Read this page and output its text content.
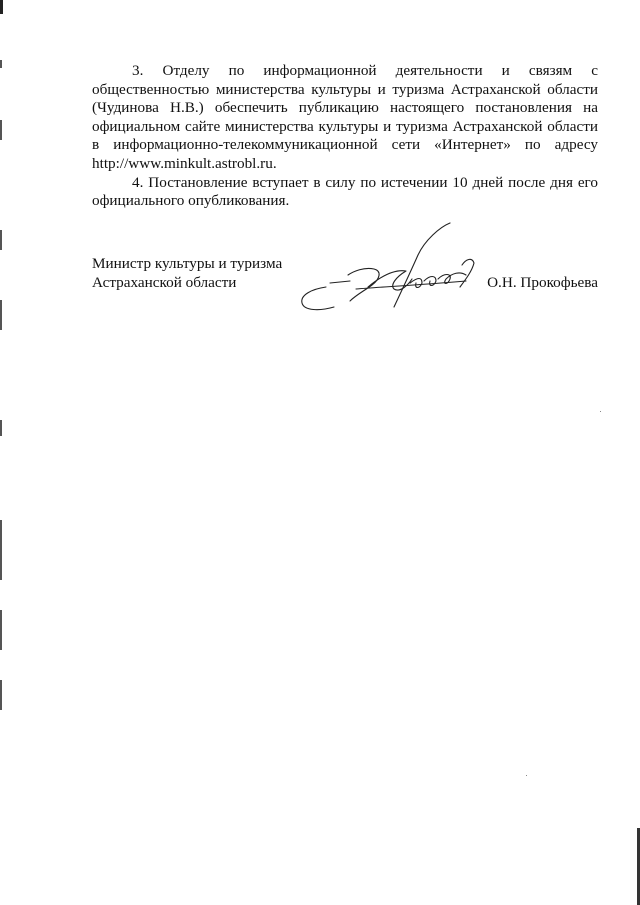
3. Отделу по информационной деятельности и связям с общественностью министерства культуры и туризма Астраханской области (Чудинова Н.В.) обеспечить публикацию настоящего постановления на официальном сайте министерства культуры и туризма Астраханской области в информационно-телекоммуникационной сети «Интернет» по адресу http://www.minkult.astrobl.ru.

4. Постановление вступает в силу по истечении 10 дней после дня его официального опубликования.

Министр культуры и туризма
Астраханской области	О.Н. Прокофьева
